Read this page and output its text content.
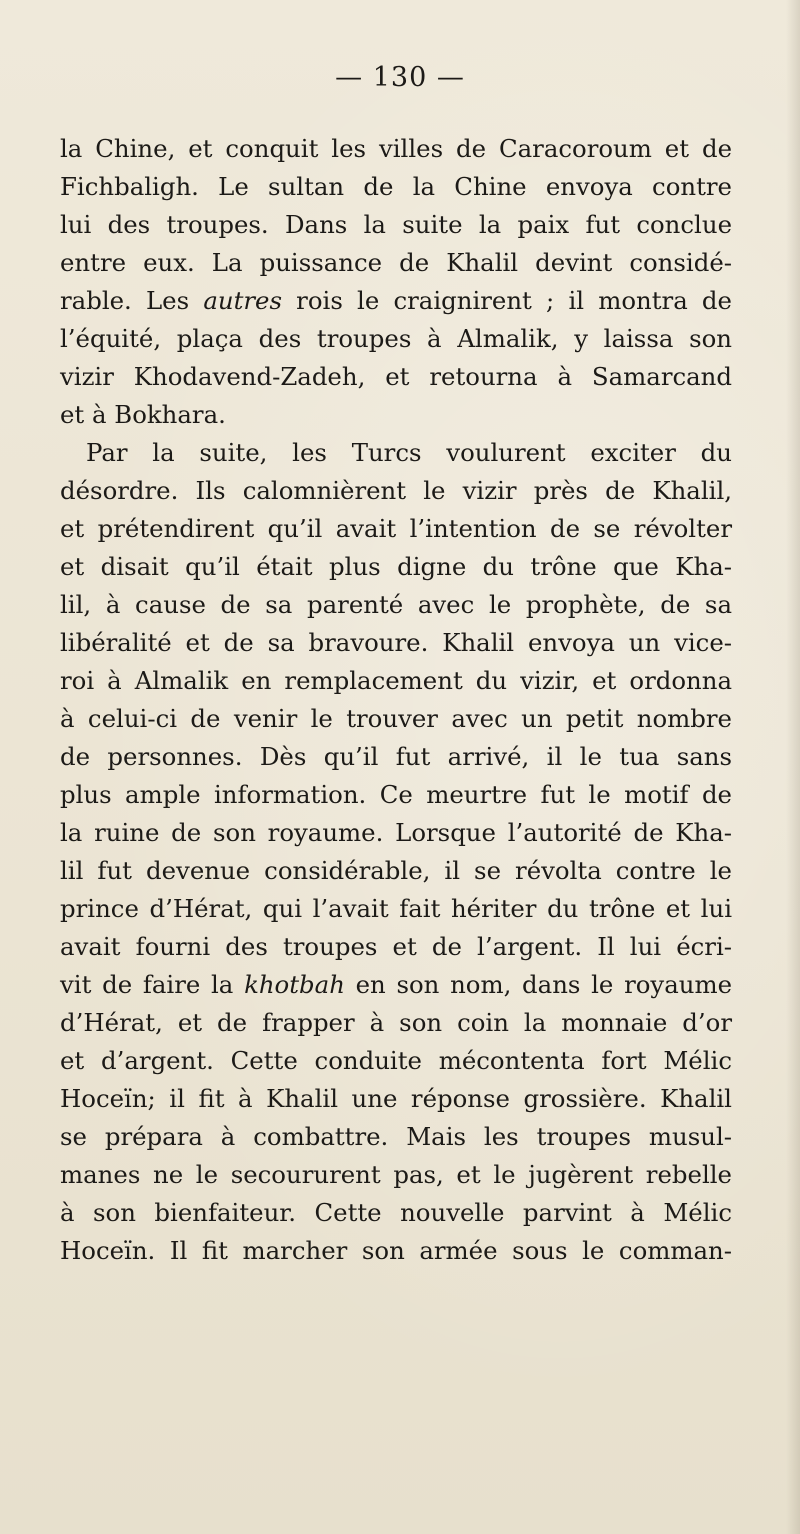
— 130 —
la Chine, et conquit les villes de Caracoroum et de
Fichbaligh. Le sultan de la Chine envoya contre
lui des troupes. Dans la suite la paix fut conclue
entre eux. La puissance de Khalil devint considé-
rable. Les autres rois le craignirent ; il montra de
l’équité, plaça des troupes à Almalik, y laissa son
vizir Khodavend-Zadeh, et retourna à Samarcand
et à Bokhara.
Par la suite, les Turcs voulurent exciter du
désordre. Ils calomnièrent le vizir près de Khalil,
et prétendirent qu’il avait l’intention de se révolter
et disait qu’il était plus digne du trône que Kha-
lil, à cause de sa parenté avec le prophète, de sa
libéralité et de sa bravoure. Khalil envoya un vice-
roi à Almalik en remplacement du vizir, et ordonna
à celui-ci de venir le trouver avec un petit nombre
de personnes. Dès qu’il fut arrivé, il le tua sans
plus ample information. Ce meurtre fut le motif de
la ruine de son royaume. Lorsque l’autorité de Kha-
lil fut devenue considérable, il se révolta contre le
prince d’Hérat, qui l’avait fait hériter du trône et lui
avait fourni des troupes et de l’argent. Il lui écri-
vit de faire la khotbah en son nom, dans le royaume
d’Hérat, et de frapper à son coin la monnaie d’or
et d’argent. Cette conduite mécontenta fort Mélic
Hoceïn; il fit à Khalil une réponse grossière. Khalil
se prépara à combattre. Mais les troupes musul-
manes ne le secoururent pas, et le jugèrent rebelle
à son bienfaiteur. Cette nouvelle parvint à Mélic
Hoceïn. Il fit marcher son armée sous le comman-
